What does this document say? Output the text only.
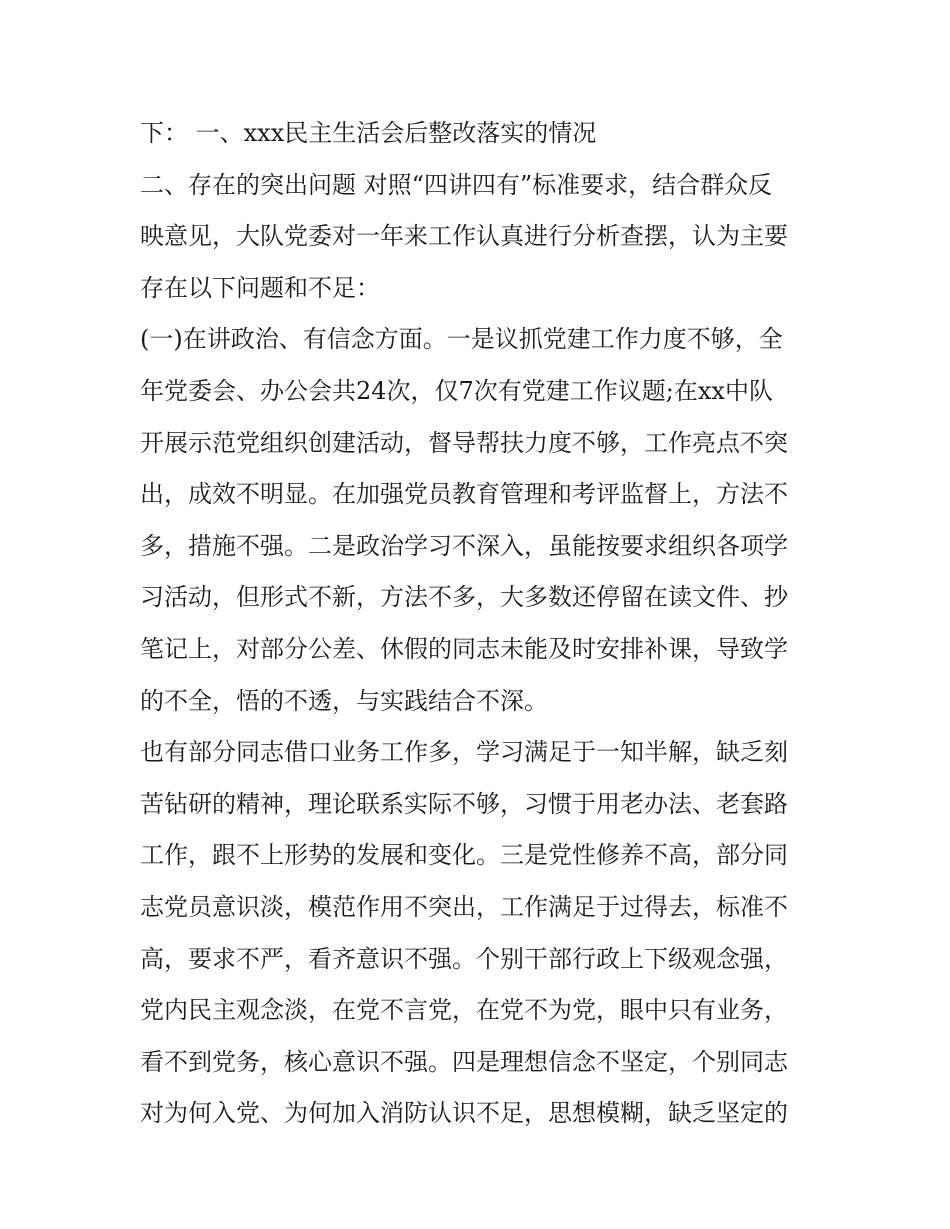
下： 一、xxx民主生活会后整改落实的情况
二、存在的突出问题 对照“四讲四有”标准要求，结合群众反
映意见，大队党委对一年来工作认真进行分析查摆，认为主要
存在以下问题和不足：
(一)在讲政治、有信念方面。一是议抓党建工作力度不够，全
年党委会、办公会共24次，仅7次有党建工作议题;在xx中队
开展示范党组织创建活动，督导帮扶力度不够，工作亮点不突
出，成效不明显。在加强党员教育管理和考评监督上，方法不
多，措施不强。二是政治学习不深入，虽能按要求组织各项学
习活动，但形式不新，方法不多，大多数还停留在读文件、抄
笔记上，对部分公差、休假的同志未能及时安排补课，导致学
的不全，悟的不透，与实践结合不深。
也有部分同志借口业务工作多，学习满足于一知半解，缺乏刻
苦钻研的精神，理论联系实际不够，习惯于用老办法、老套路
工作，跟不上形势的发展和变化。三是党性修养不高，部分同
志党员意识淡，模范作用不突出，工作满足于过得去，标准不
高，要求不严，看齐意识不强。个别干部行政上下级观念强，
党内民主观念淡，在党不言党，在党不为党，眼中只有业务，
看不到党务，核心意识不强。四是理想信念不坚定，个别同志
对为何入党、为何加入消防认识不足，思想模糊，缺乏坚定的
